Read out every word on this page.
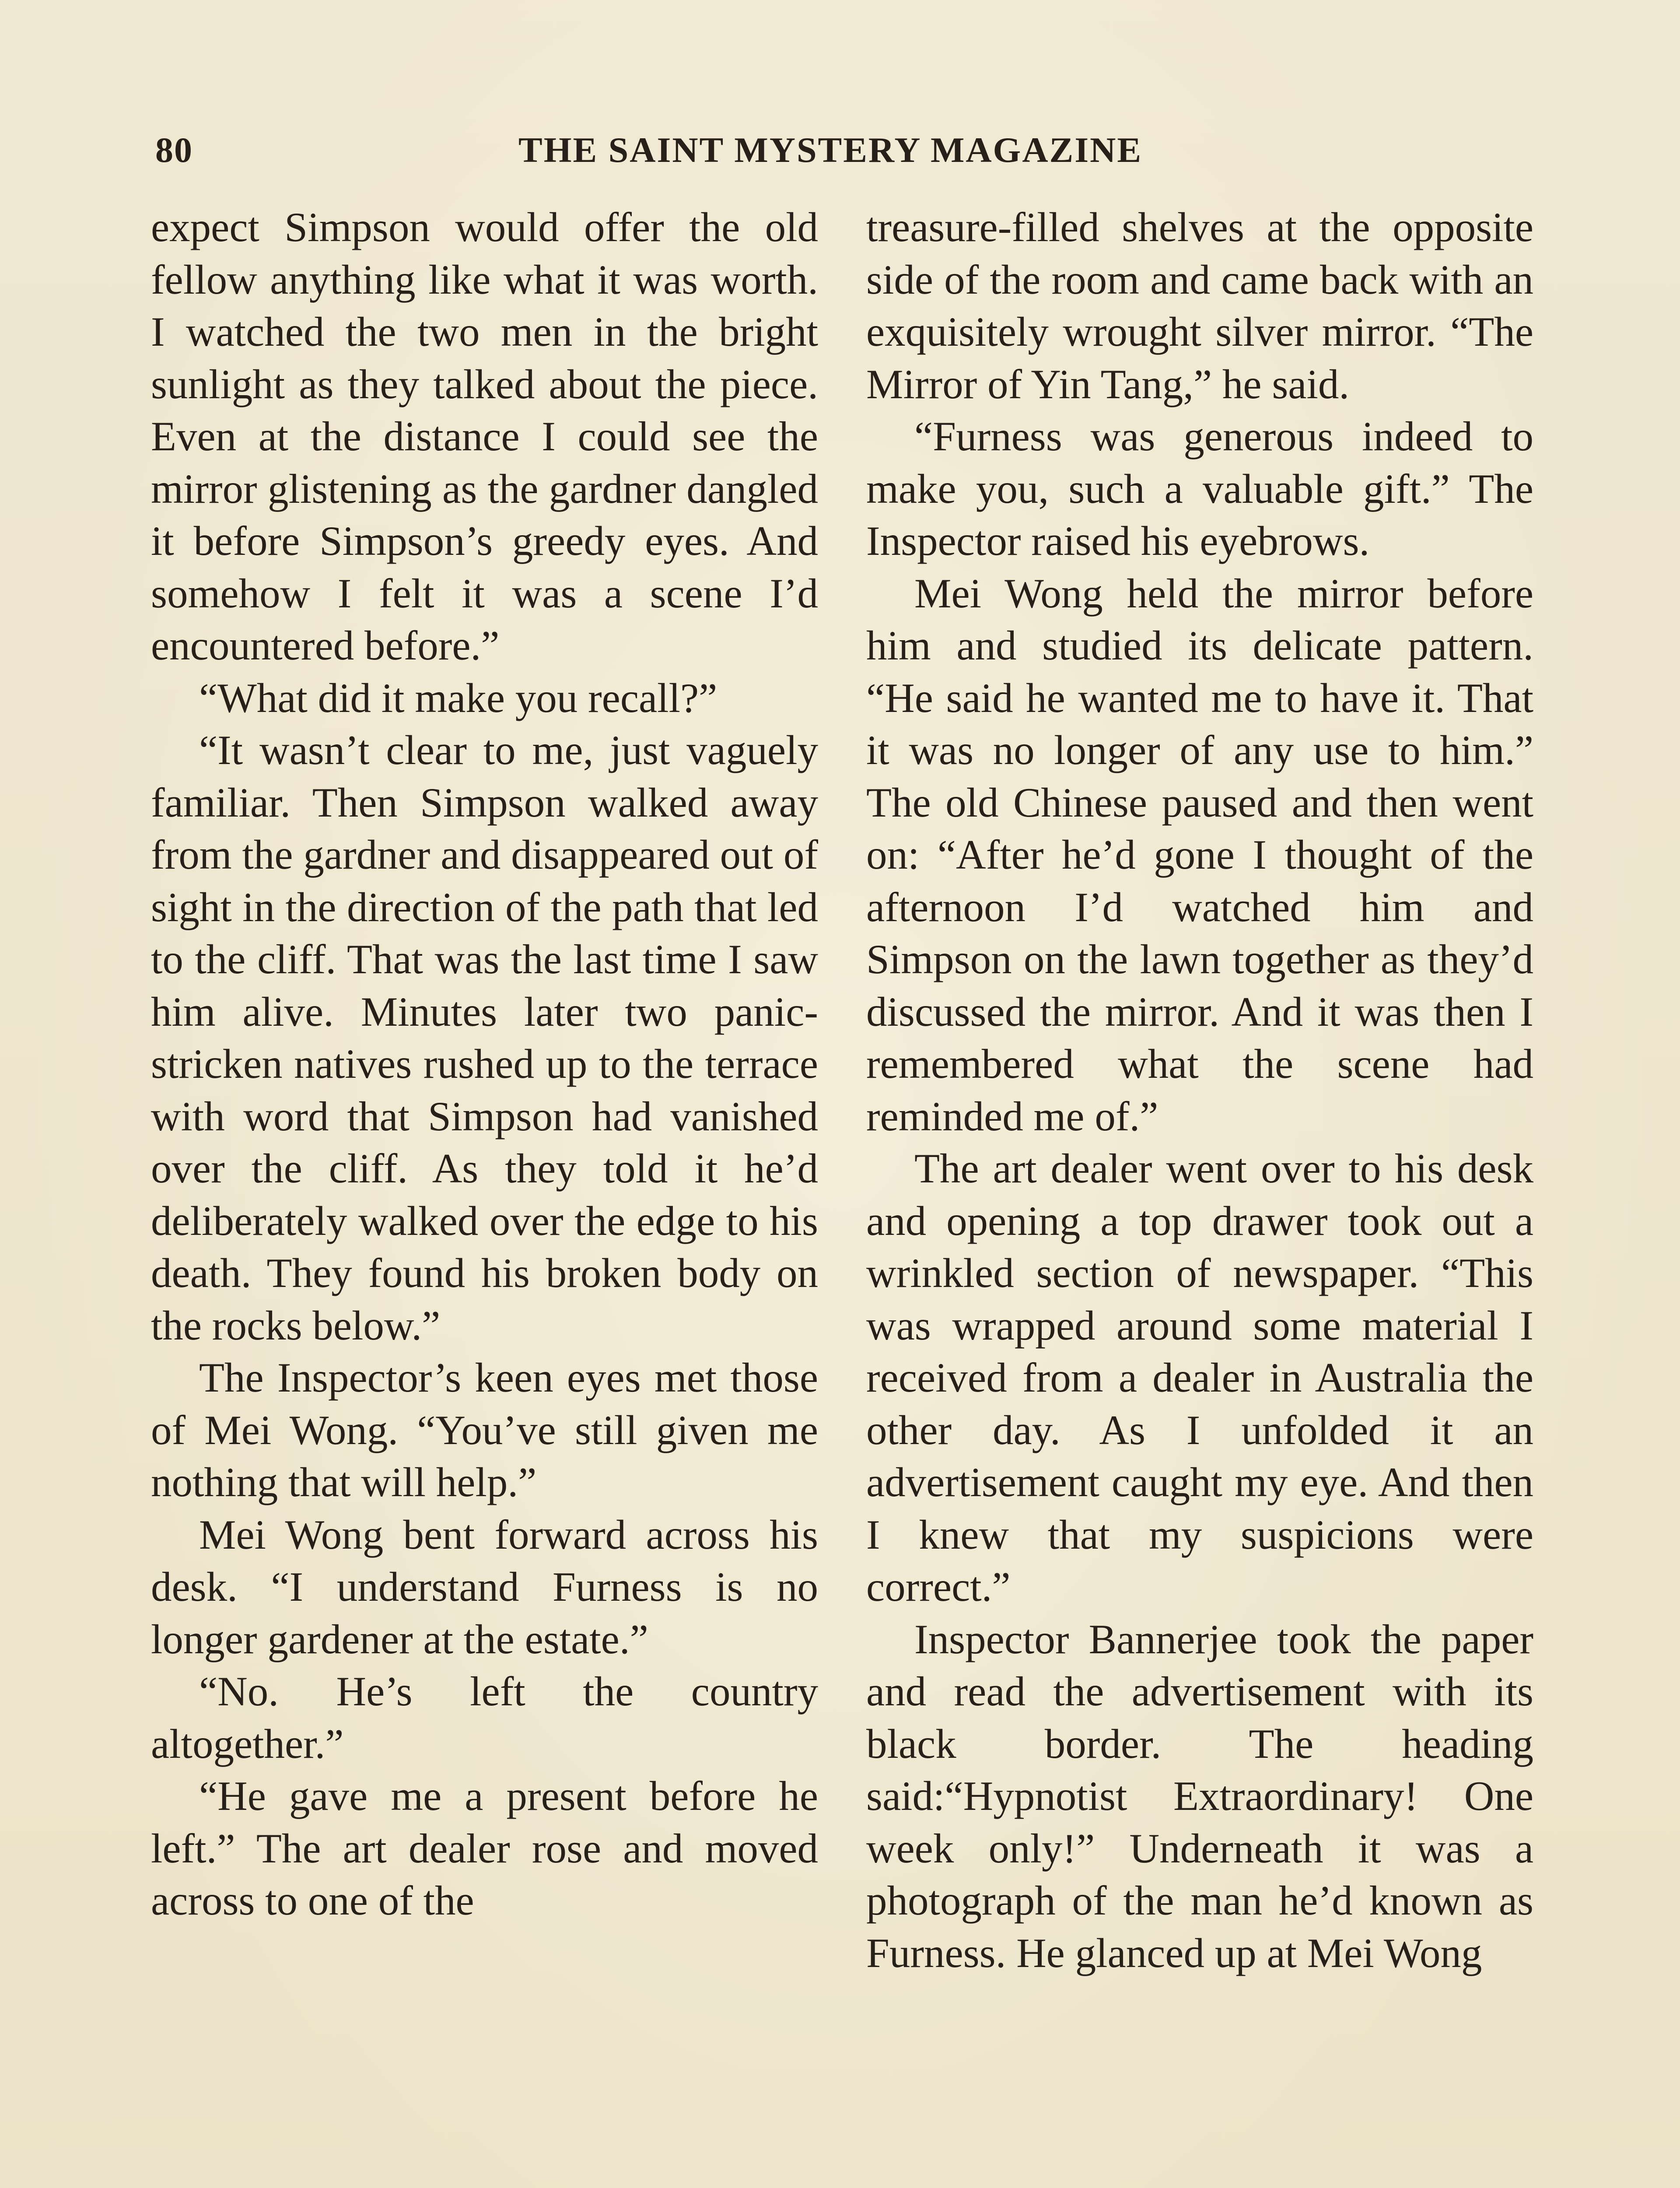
80	THE SAINT MYSTERY MAGAZINE

expect Simpson would offer the old fellow anything like what it was worth. I watched the two men in the bright sunlight as they talked about the piece. Even at the distance I could see the mirror glistening as the gardner dangled it before Simpson’s greedy eyes. And somehow I felt it was a scene I’d encountered before.”

“What did it make you recall?”

“It wasn’t clear to me, just vaguely familiar. Then Simpson walked away from the gardner and disappeared out of sight in the direction of the path that led to the cliff. That was the last time I saw him alive. Minutes later two panic-stricken natives rushed up to the terrace with word that Simpson had vanished over the cliff. As they told it he’d deliberately walked over the edge to his death. They found his broken body on the rocks below.”

The Inspector’s keen eyes met those of Mei Wong. “You’ve still given me nothing that will help.”

Mei Wong bent forward across his desk. “I understand Furness is no longer gardener at the estate.”

“No. He’s left the country altogether.”

“He gave me a present before he left.” The art dealer rose and moved across to one of the

treasure-filled shelves at the opposite side of the room and came back with an exquisitely wrought silver mirror. “The Mirror of Yin Tang,” he said.

“Furness was generous indeed to make you, such a valuable gift.” The Inspector raised his eyebrows.

Mei Wong held the mirror before him and studied its delicate pattern. “He said he wanted me to have it. That it was no longer of any use to him.” The old Chinese paused and then went on: “After he’d gone I thought of the afternoon I’d watched him and Simpson on the lawn together as they’d discussed the mirror. And it was then I remembered what the scene had reminded me of.”

The art dealer went over to his desk and opening a top drawer took out a wrinkled section of newspaper. “This was wrapped around some material I received from a dealer in Australia the other day. As I unfolded it an advertisement caught my eye. And then I knew that my suspicions were correct.”

Inspector Bannerjee took the paper and read the advertisement with its black border. The heading said:“Hypnotist Extraordinary! One week only!” Underneath it was a photograph of the man he’d known as Furness. He glanced up at Mei Wong
